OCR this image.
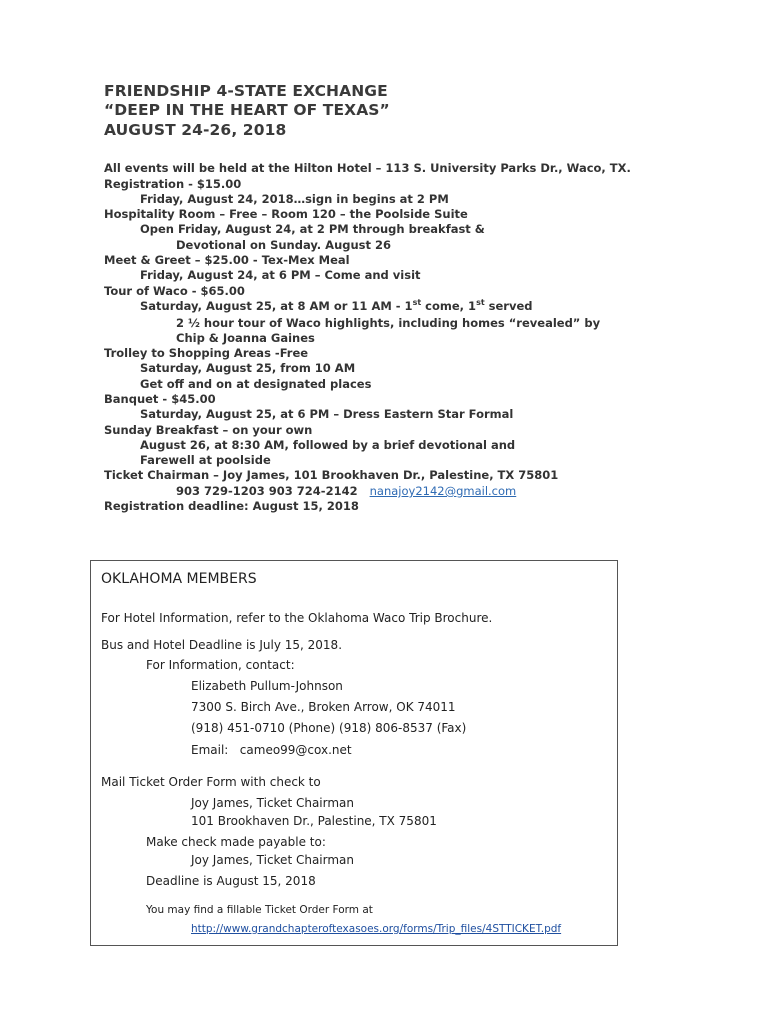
FRIENDSHIP 4-STATE EXCHANGE
“DEEP IN THE HEART OF TEXAS”
AUGUST 24-26, 2018
All events will be held at the Hilton Hotel – 113 S. University Parks Dr., Waco, TX.
Registration - $15.00
Friday, August 24, 2018…sign in begins at 2 PM
Hospitality Room – Free – Room 120 – the Poolside Suite
Open Friday, August 24, at 2 PM through breakfast &
Devotional on Sunday. August 26
Meet & Greet – $25.00 - Tex-Mex Meal
Friday, August 24, at 6 PM – Come and visit
Tour of Waco - $65.00
Saturday, August 25, at 8 AM or 11 AM - 1st come, 1st served
2 ½ hour tour of Waco highlights, including homes “revealed” by
Chip & Joanna Gaines
Trolley to Shopping Areas -Free
Saturday, August 25, from 10 AM
Get off and on at designated places
Banquet - $45.00
Saturday, August 25, at 6 PM – Dress Eastern Star Formal
Sunday Breakfast – on your own
August 26, at 8:30 AM, followed by a brief devotional and
Farewell at poolside
Ticket Chairman – Joy James, 101 Brookhaven Dr., Palestine, TX 75801
903 729-1203 903 724-2142 nanajoy2142@gmail.com
Registration deadline: August 15, 2018
OKLAHOMA MEMBERS
For Hotel Information, refer to the Oklahoma Waco Trip Brochure.
Bus and Hotel Deadline is July 15, 2018.
For Information, contact:
Elizabeth Pullum-Johnson
7300 S. Birch Ave., Broken Arrow, OK 74011
(918) 451-0710 (Phone) (918) 806-8537 (Fax)
Email: cameo99@cox.net
Mail Ticket Order Form with check to
Joy James, Ticket Chairman
101 Brookhaven Dr., Palestine, TX 75801
Make check made payable to:
Joy James, Ticket Chairman
Deadline is August 15, 2018
You may find a fillable Ticket Order Form at
http://www.grandchapteroftexasoes.org/forms/Trip_files/4STTICKET.pdf
